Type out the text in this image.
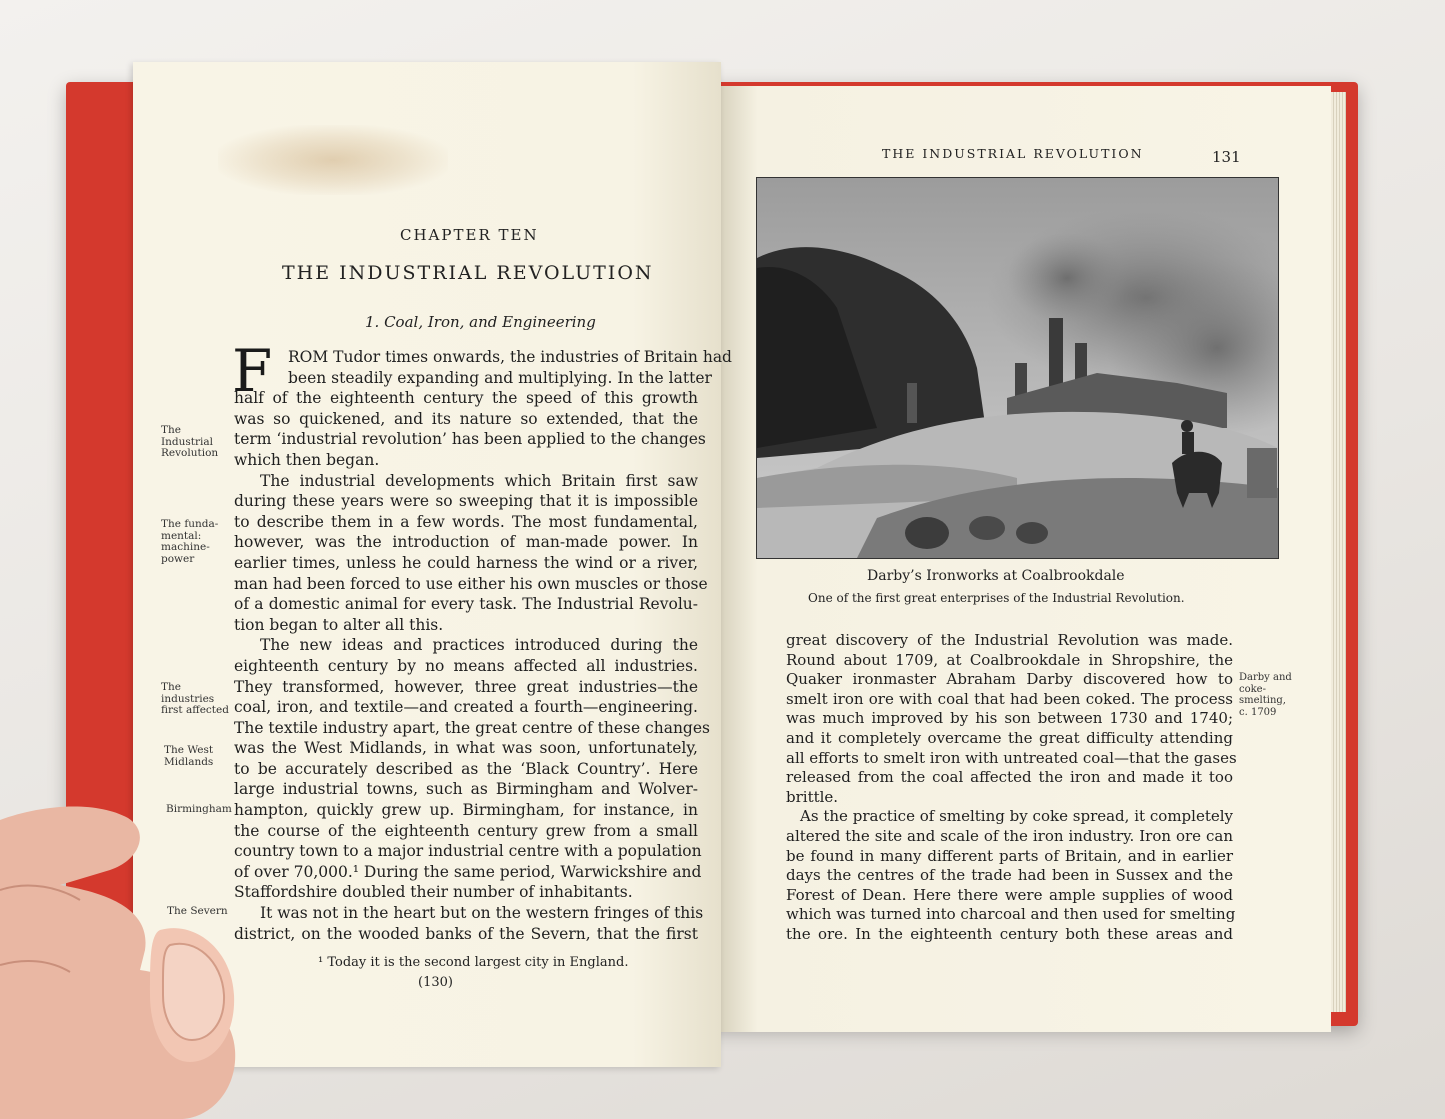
CHAPTER TEN
THE INDUSTRIAL REVOLUTION
1. Coal, Iron, and Engineering
F	ROM Tudor times onwards, the industries of Britain had
been steadily expanding and multiplying. In the latter
half of the eighteenth century the speed of this growth
was so quickened, and its nature so extended, that the
term ‘industrial revolution’ has been applied to the changes
which then began.
The industrial developments which Britain first saw
during these years were so sweeping that it is impossible
to describe them in a few words. The most fundamental,
however, was the introduction of man-made power. In
earlier times, unless he could harness the wind or a river,
man had been forced to use either his own muscles or those
of a domestic animal for every task. The Industrial Revolu-
tion began to alter all this.
The new ideas and practices introduced during the
eighteenth century by no means affected all industries.
They transformed, however, three great industries—the
coal, iron, and textile—and created a fourth—engineering.
The textile industry apart, the great centre of these changes
was the West Midlands, in what was soon, unfortunately,
to be accurately described as the ‘Black Country’. Here
large industrial towns, such as Birmingham and Wolver-
hampton, quickly grew up. Birmingham, for instance, in
the course of the eighteenth century grew from a small
country town to a major industrial centre with a population
of over 70,000.¹ During the same period, Warwickshire and
Staffordshire doubled their number of inhabitants.
It was not in the heart but on the western fringes of this
district, on the wooded banks of the Severn, that the first
The
Industrial
Revolution
The funda-
mental:
machine-
power
The
industries
first affected
The West
Midlands
Birmingham
The Severn
¹ Today it is the second largest city in England.
(130)
THE INDUSTRIAL REVOLUTION	131
Darby’s Ironworks at Coalbrookdale
One of the first great enterprises of the Industrial Revolution.
great discovery of the Industrial Revolution was made.
Round about 1709, at Coalbrookdale in Shropshire, the
Quaker ironmaster Abraham Darby discovered how to
smelt iron ore with coal that had been coked. The process
was much improved by his son between 1730 and 1740;
and it completely overcame the great difficulty attending
all efforts to smelt iron with untreated coal—that the gases
released from the coal affected the iron and made it too
brittle.
As the practice of smelting by coke spread, it completely
altered the site and scale of the iron industry. Iron ore can
be found in many different parts of Britain, and in earlier
days the centres of the trade had been in Sussex and the
Forest of Dean. Here there were ample supplies of wood
which was turned into charcoal and then used for smelting
the ore. In the eighteenth century both these areas and
Darby and
coke-
smelting,
c. 1709
